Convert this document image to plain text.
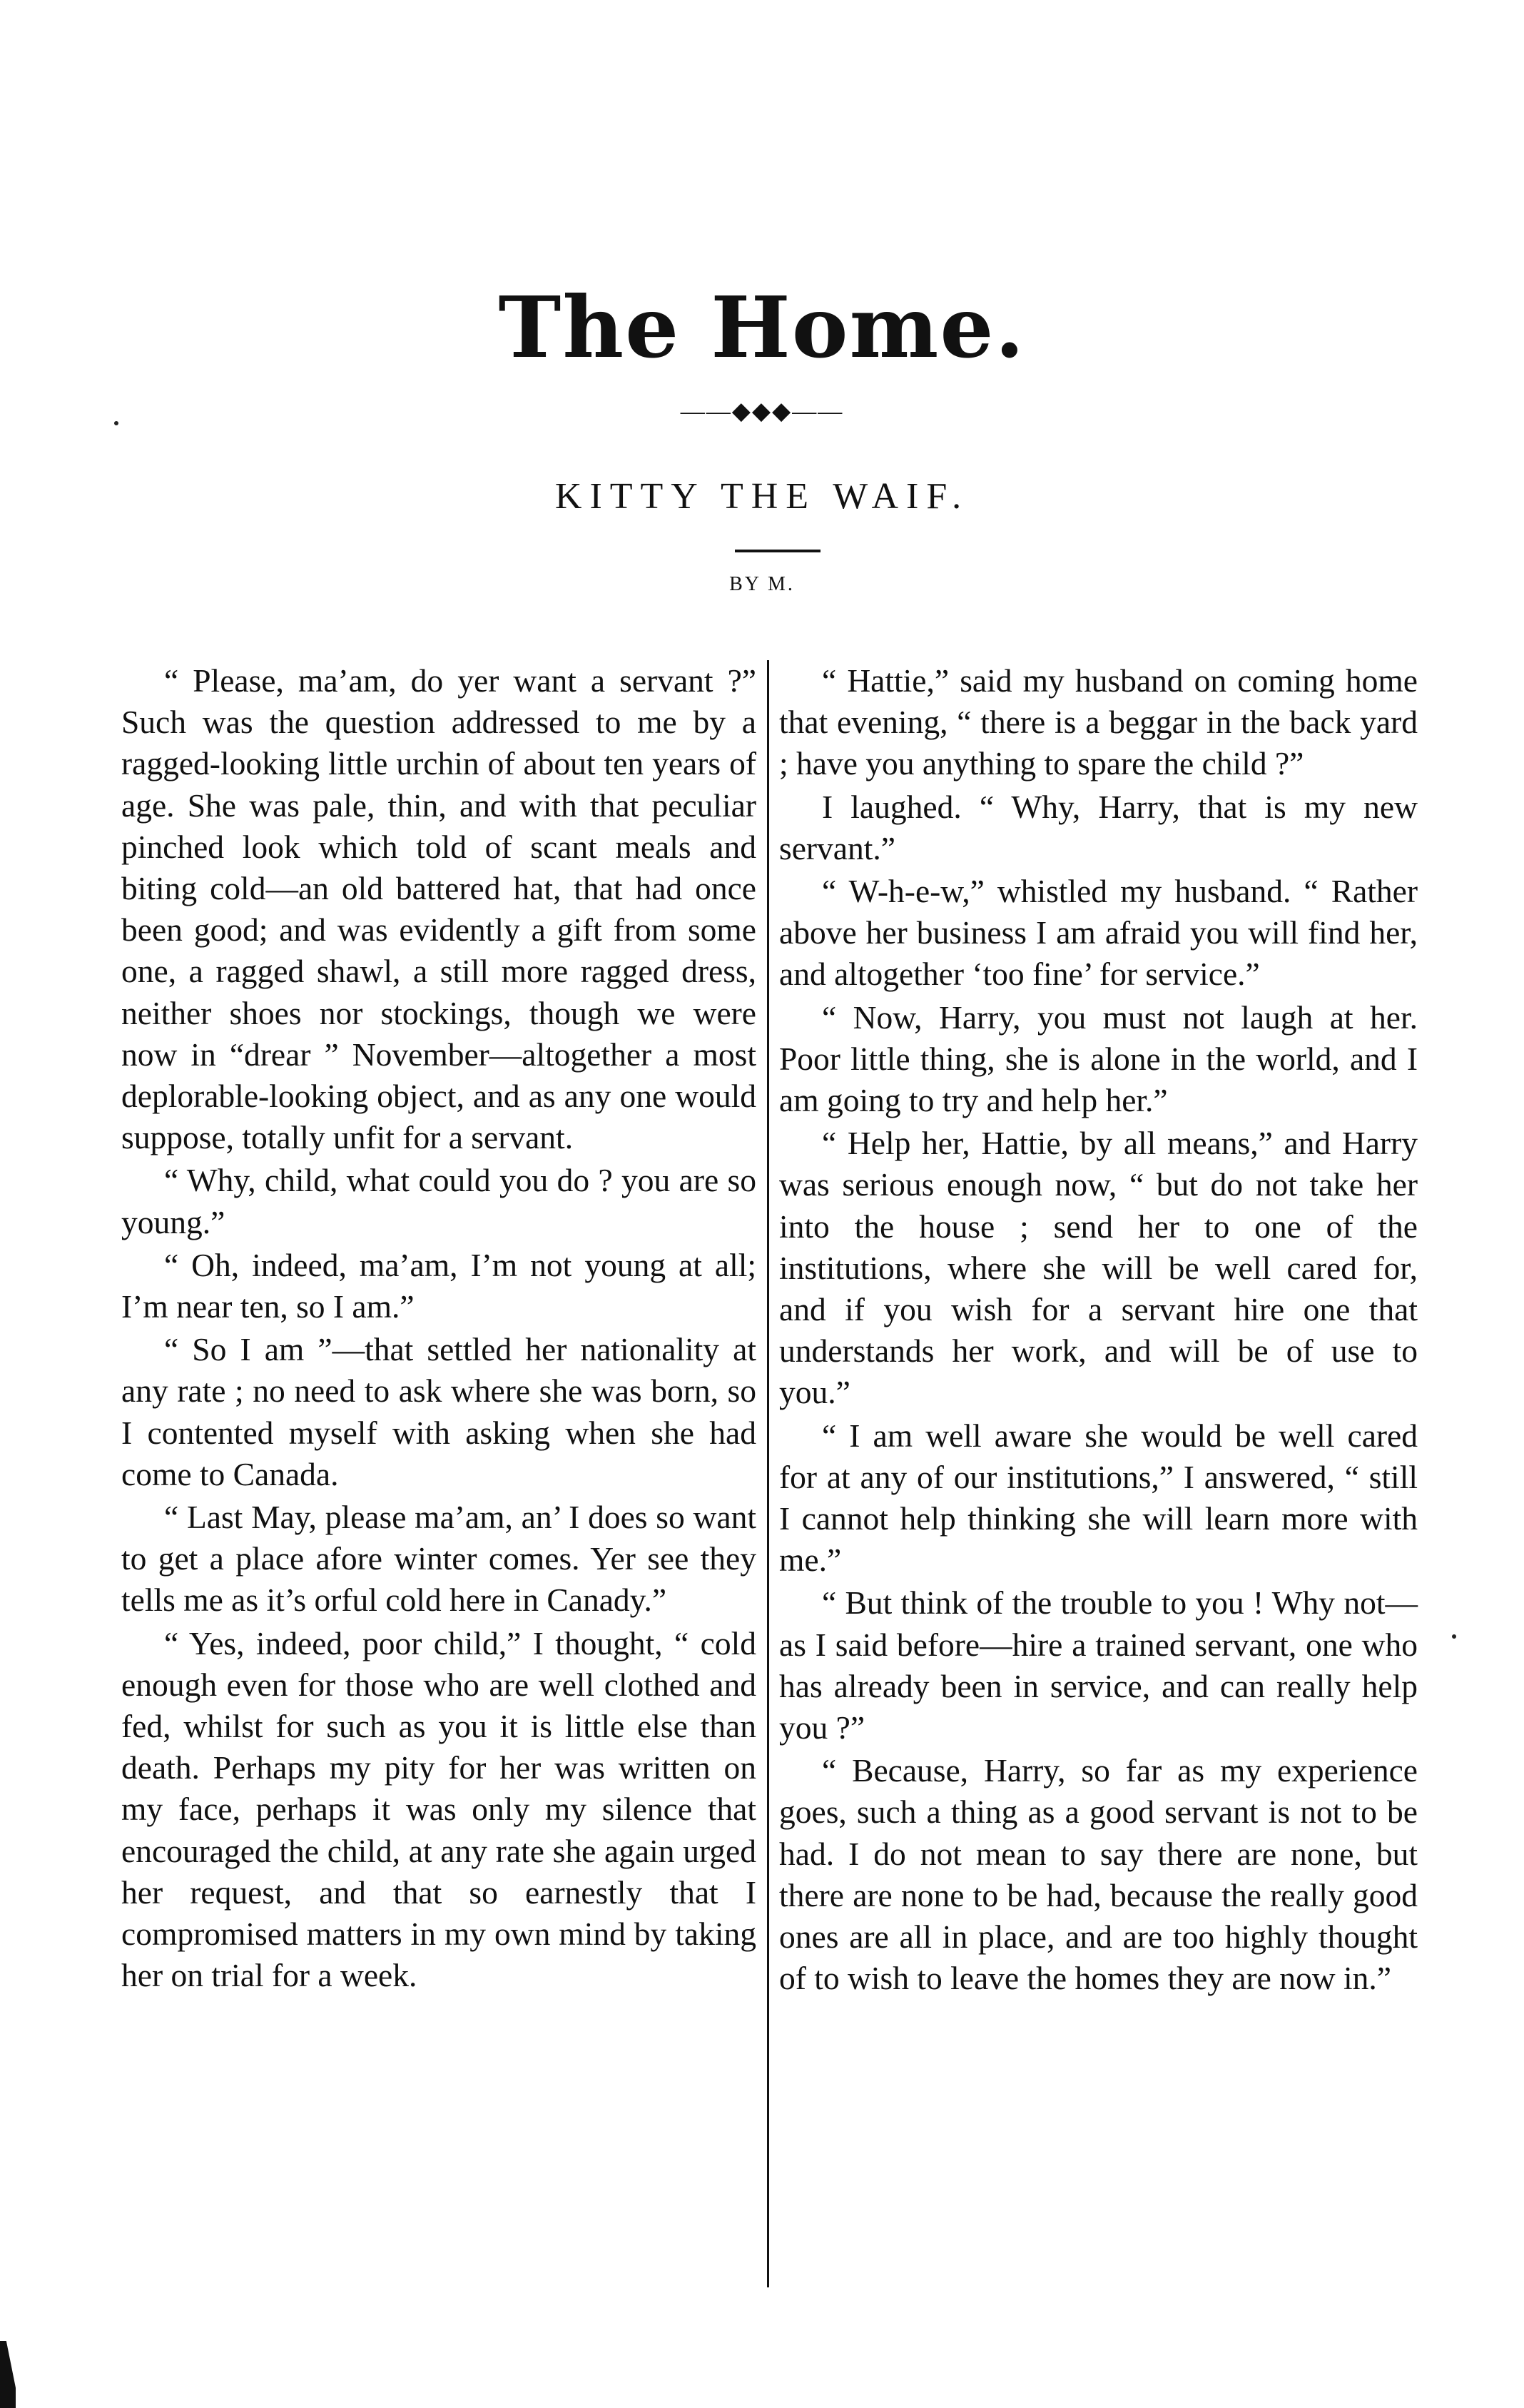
The Home.
——◆◆◆——
KITTY THE WAIF.
BY M.

“ Please, ma’am, do yer want a servant ?” Such was the question addressed to me by a ragged-looking little urchin of about ten years of age. She was pale, thin, and with that peculiar pinched look which told of scant meals and biting cold—an old battered hat, that had once been good; and was evidently a gift from some one, a ragged shawl, a still more ragged dress, neither shoes nor stockings, though we were now in “drear ” November—altogether a most deplorable-looking object, and as any one would suppose, totally unfit for a servant.

“ Why, child, what could you do ? you are so young.”

“ Oh, indeed, ma’am, I’m not young at all; I’m near ten, so I am.”

“ So I am ”—that settled her nationality at any rate ; no need to ask where she was born, so I contented myself with asking when she had come to Canada.

“ Last May, please ma’am, an’ I does so want to get a place afore winter comes. Yer see they tells me as it’s orful cold here in Canady.”

“ Yes, indeed, poor child,” I thought, “ cold enough even for those who are well clothed and fed, whilst for such as you it is little else than death. Perhaps my pity for her was written on my face, perhaps it was only my silence that encouraged the child, at any rate she again urged her request, and that so earnestly that I compromised matters in my own mind by taking her on trial for a week.

“ Hattie,” said my husband on coming home that evening, “ there is a beggar in the back yard ; have you anything to spare the child ?”

I laughed. “ Why, Harry, that is my new servant.”

“ W-h-e-w,” whistled my husband. “ Rather above her business I am afraid you will find her, and altogether ‘too fine’ for service.”

“ Now, Harry, you must not laugh at her. Poor little thing, she is alone in the world, and I am going to try and help her.”

“ Help her, Hattie, by all means,” and Harry was serious enough now, “ but do not take her into the house ; send her to one of the institutions, where she will be well cared for, and if you wish for a servant hire one that understands her work, and will be of use to you.”

“ I am well aware she would be well cared for at any of our institutions,” I answered, “ still I cannot help thinking she will learn more with me.”

“ But think of the trouble to you ! Why not—as I said before—hire a trained servant, one who has already been in service, and can really help you ?”

“ Because, Harry, so far as my experience goes, such a thing as a good servant is not to be had. I do not mean to say there are none, but there are none to be had, because the really good ones are all in place, and are too highly thought of to wish to leave the homes they are now in.”
